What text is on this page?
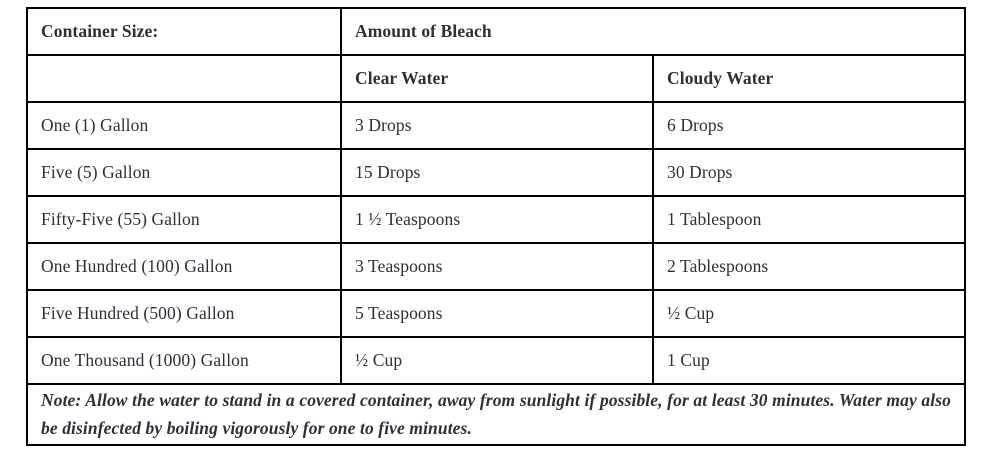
Container Size:	Amount of Bleach	
	Clear Water	Cloudy Water
One (1) Gallon	3 Drops	6 Drops
Five (5) Gallon	15 Drops	30 Drops
Fifty-Five (55) Gallon	1 ½ Teaspoons	1 Tablespoon
One Hundred (100) Gallon	3 Teaspoons	2 Tablespoons
Five Hundred (500) Gallon	5 Teaspoons	½ Cup
One Thousand (1000) Gallon	½ Cup	1 Cup
Note: Allow the water to stand in a covered container, away from sunlight if possible, for at least 30 minutes. Water may also be disinfected by boiling vigorously for one to five minutes.		
